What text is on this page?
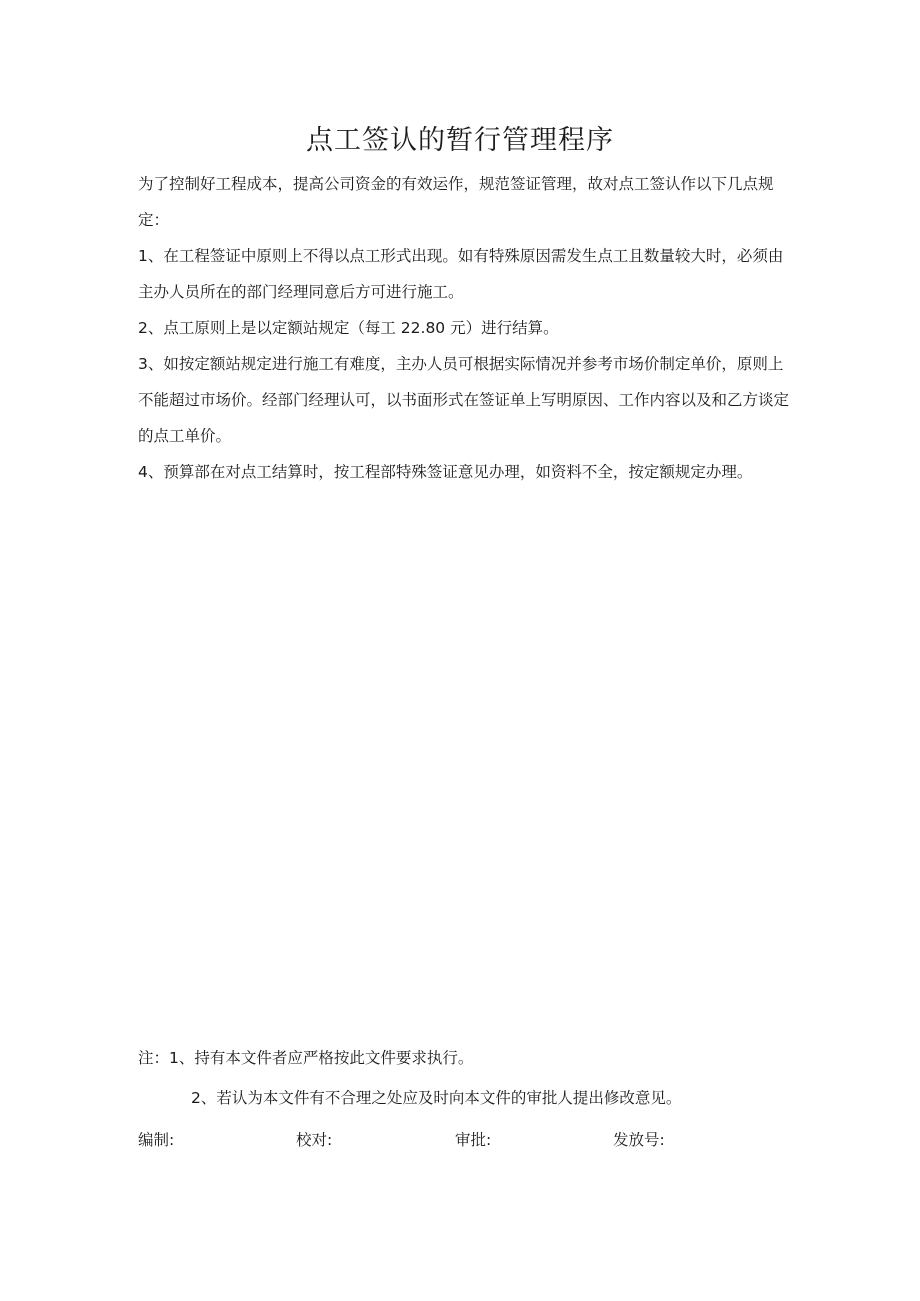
点工签认的暂行管理程序

为了控制好工程成本，提高公司资金的有效运作，规范签证管理，故对点工签认作以下几点规定：

1、在工程签证中原则上不得以点工形式出现。如有特殊原因需发生点工且数量较大时，必须由主办人员所在的部门经理同意后方可进行施工。

2、点工原则上是以定额站规定（每工 22.80 元）进行结算。

3、如按定额站规定进行施工有难度，主办人员可根据实际情况并参考市场价制定单价，原则上不能超过市场价。经部门经理认可，以书面形式在签证单上写明原因、工作内容以及和乙方谈定的点工单价。

4、预算部在对点工结算时，按工程部特殊签证意见办理，如资料不全，按定额规定办理。

注：1、持有本文件者应严格按此文件要求执行。

2、若认为本文件有不合理之处应及时向本文件的审批人提出修改意见。

编制:	校对:	审批:	发放号:
